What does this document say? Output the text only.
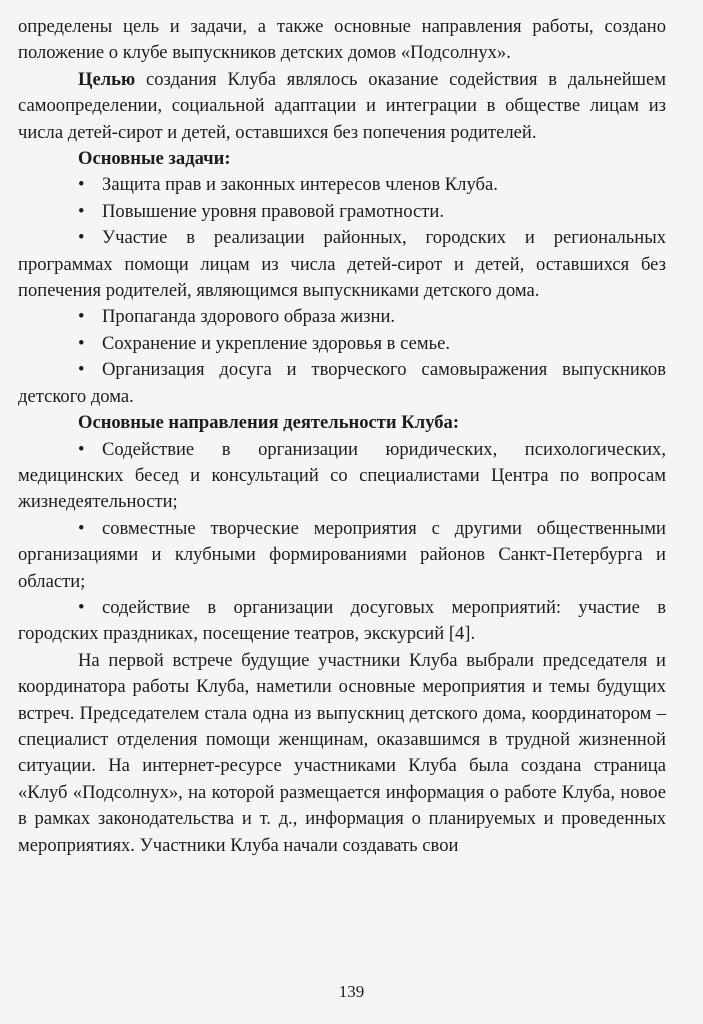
определены цель и задачи, а также основные направления работы, создано положение о клубе выпускников детских домов «Подсолнух».

Целью создания Клуба являлось оказание содействия в дальнейшем самоопределении, социальной адаптации и интеграции в обществе лицам из числа детей-сирот и детей, оставшихся без попечения родителей.

Основные задачи:

• Защита прав и законных интересов членов Клуба.

• Повышение уровня правовой грамотности.

• Участие в реализации районных, городских и региональных программах помощи лицам из числа детей-сирот и детей, оставшихся без попечения родителей, являющимся выпускниками детского дома.

• Пропаганда здорового образа жизни.

• Сохранение и укрепление здоровья в семье.

• Организация досуга и творческого самовыражения выпускников детского дома.

Основные направления деятельности Клуба:

• Содействие в организации юридических, психологических, медицинских бесед и консультаций со специалистами Центра по вопросам жизнедеятельности;

• совместные творческие мероприятия с другими общественными организациями и клубными формированиями районов Санкт-Петербурга и области;

• содействие в организации досуговых мероприятий: участие в городских праздниках, посещение театров, экскурсий [4].

На первой встрече будущие участники Клуба выбрали председателя и координатора работы Клуба, наметили основные мероприятия и темы будущих встреч. Председателем стала одна из выпускниц детского дома, координатором – специалист отделения помощи женщинам, оказавшимся в трудной жизненной ситуации. На интернет-ресурсе участниками Клуба была создана страница «Клуб «Подсолнух», на которой размещается информация о работе Клуба, новое в рамках законодательства и т. д., информация о планируемых и проведенных мероприятиях. Участники Клуба начали создавать свои

139
